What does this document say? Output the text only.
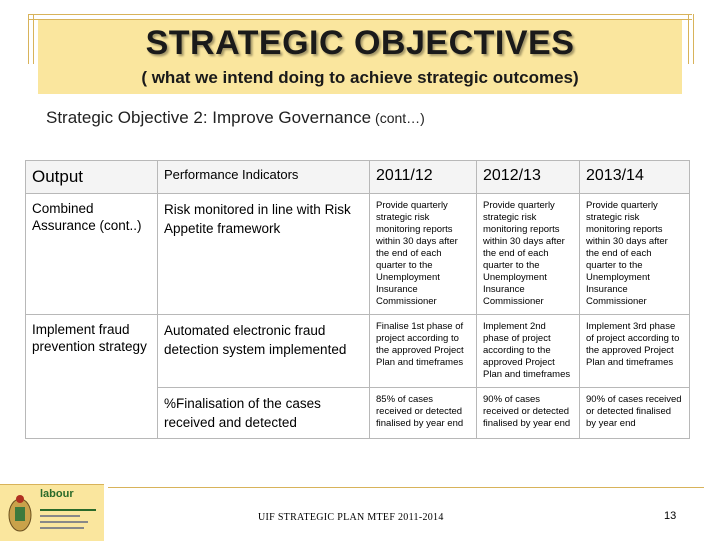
STRATEGIC OBJECTIVES
( what we intend doing to achieve strategic outcomes)
Strategic Objective 2: Improve Governance (cont…)
Output	Performance Indicators	2011/12	2012/13	2013/14
Combined Assurance (cont..)	Risk monitored in line with Risk Appetite framework	Provide quarterly strategic risk monitoring reports within 30 days after the end of each quarter to the Unemployment Insurance Commissioner	Provide quarterly strategic risk monitoring reports within 30 days after the end of each quarter to the Unemployment Insurance Commissioner	Provide quarterly strategic risk monitoring reports within 30 days after the end of each quarter to the Unemployment Insurance Commissioner
Implement fraud prevention strategy	Automated electronic fraud detection system implemented	Finalise 1st phase of project according to the approved Project Plan and timeframes	Implement 2nd phase of project according to the approved Project Plan and timeframes	Implement 3rd phase of project according to the approved Project Plan and timeframes
	%Finalisation of the cases received and detected	85% of cases received or detected finalised by year end	90% of cases received or detected finalised by year end	90% of cases received or detected finalised by year end
labour
UIF STRATEGIC PLAN MTEF 2011-2014	13
